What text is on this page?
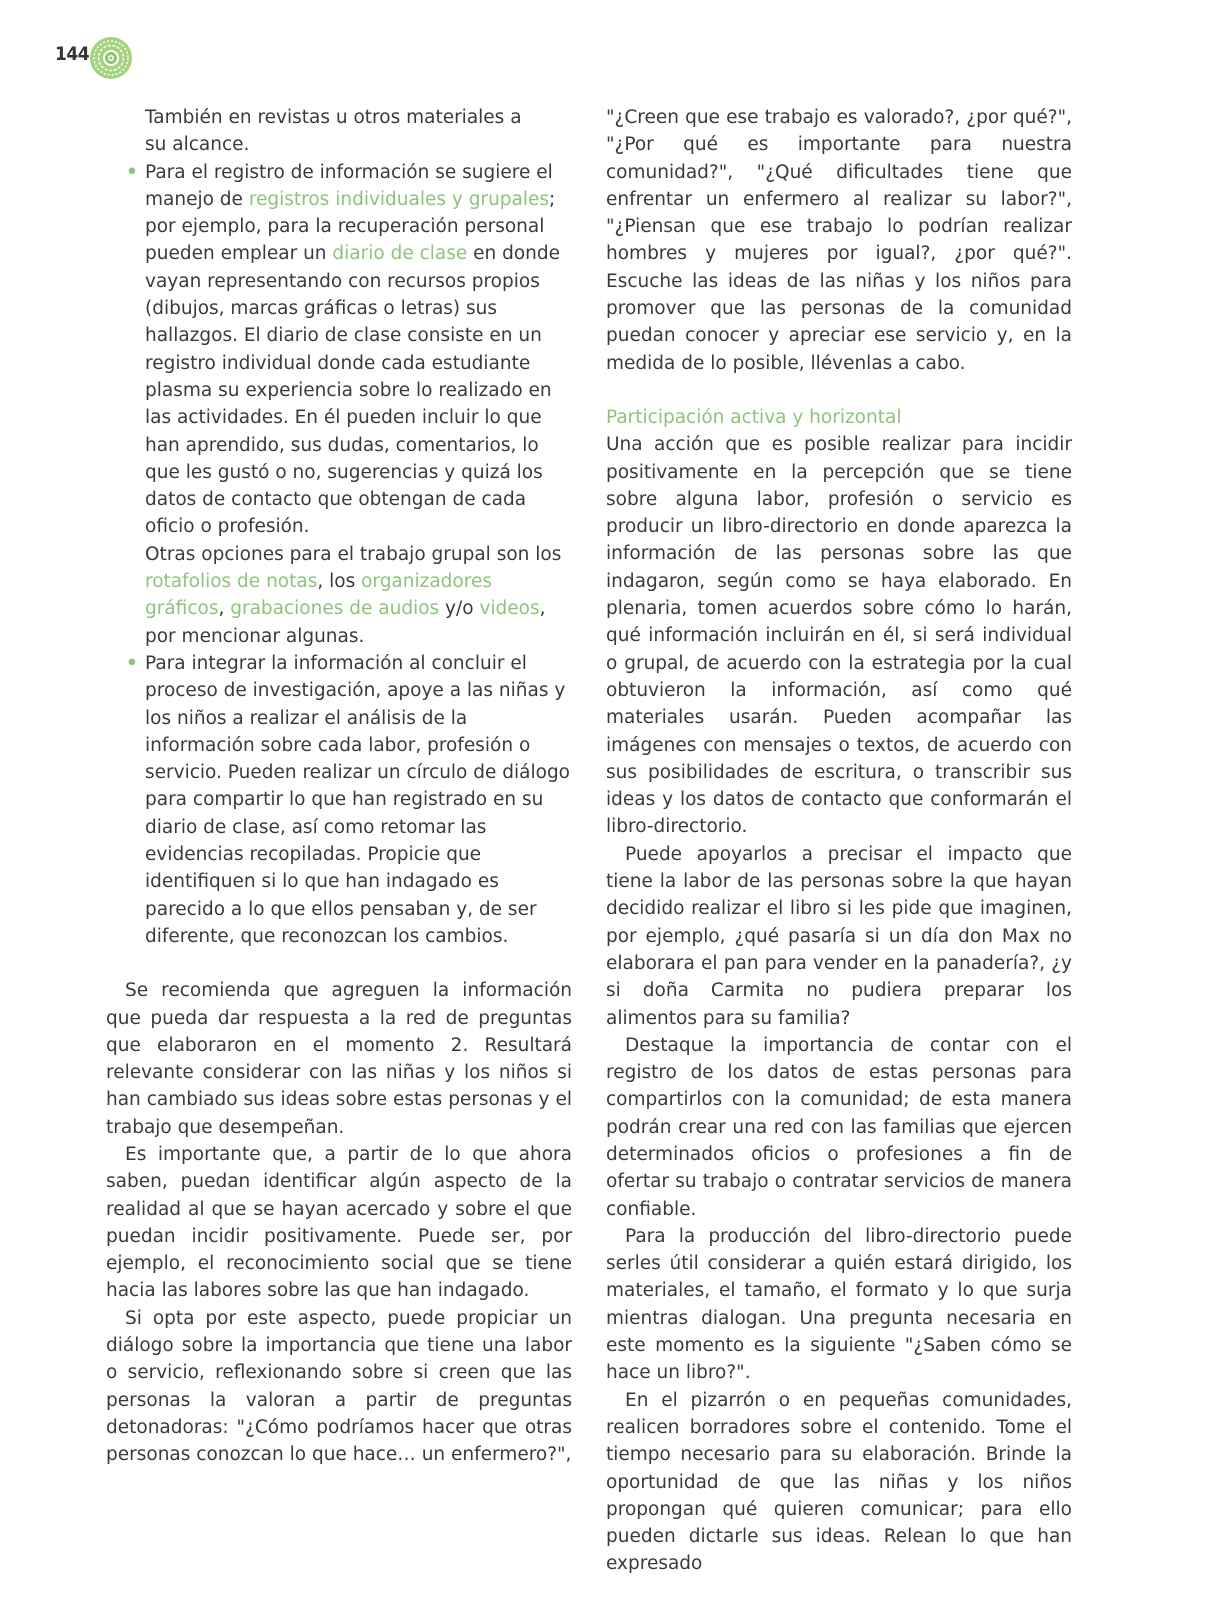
144

También en revistas u otros materiales a
su alcance.

• Para el registro de información se sugiere el manejo de registros individuales y grupales; por ejemplo, para la recuperación personal pueden emplear un diario de clase en donde vayan representando con recursos propios (dibujos, marcas gráficas o letras) sus hallazgos. El diario de clase consiste en un registro individual donde cada estudiante plasma su experiencia sobre lo realizado en las actividades. En él pueden incluir lo que han aprendido, sus dudas, comentarios, lo que les gustó o no, sugerencias y quizá los datos de contacto que obtengan de cada oficio o profesión.

Otras opciones para el trabajo grupal son los rotafolios de notas, los organizadores gráficos, grabaciones de audios y/o videos, por mencionar algunas.

• Para integrar la información al concluir el proceso de investigación, apoye a las niñas y los niños a realizar el análisis de la información sobre cada labor, profesión o servicio. Pueden realizar un círculo de diálogo para compartir lo que han registrado en su diario de clase, así como retomar las evidencias recopiladas. Propicie que identifiquen si lo que han indagado es parecido a lo que ellos pensaban y, de ser diferente, que reconozcan los cambios.

Se recomienda que agreguen la información que pueda dar respuesta a la red de preguntas que elaboraron en el momento 2. Resultará relevante considerar con las niñas y los niños si han cambiado sus ideas sobre estas personas y el trabajo que desempeñan.

Es importante que, a partir de lo que ahora saben, puedan identificar algún aspecto de la realidad al que se hayan acercado y sobre el que puedan incidir positivamente. Puede ser, por ejemplo, el reconocimiento social que se tiene hacia las labores sobre las que han indagado.

Si opta por este aspecto, puede propiciar un diálogo sobre la importancia que tiene una labor o servicio, reflexionando sobre si creen que las personas la valoran a partir de preguntas detonadoras: "¿Cómo podríamos hacer que otras personas conozcan lo que hace… un enfermero?",

"¿Creen que ese trabajo es valorado?, ¿por qué?", "¿Por qué es importante para nuestra comunidad?", "¿Qué dificultades tiene que enfrentar un enfermero al realizar su labor?", "¿Piensan que ese trabajo lo podrían realizar hombres y mujeres por igual?, ¿por qué?". Escuche las ideas de las niñas y los niños para promover que las personas de la comunidad puedan conocer y apreciar ese servicio y, en la medida de lo posible, llévenlas a cabo.

Participación activa y horizontal

Una acción que es posible realizar para incidir positivamente en la percepción que se tiene sobre alguna labor, profesión o servicio es producir un libro-directorio en donde aparezca la información de las personas sobre las que indagaron, según como se haya elaborado. En plenaria, tomen acuerdos sobre cómo lo harán, qué información incluirán en él, si será individual o grupal, de acuerdo con la estrategia por la cual obtuvieron la información, así como qué materiales usarán. Pueden acompañar las imágenes con mensajes o textos, de acuerdo con sus posibilidades de escritura, o transcribir sus ideas y los datos de contacto que conformarán el libro-directorio.

Puede apoyarlos a precisar el impacto que tiene la labor de las personas sobre la que hayan decidido realizar el libro si les pide que imaginen, por ejemplo, ¿qué pasaría si un día don Max no elaborara el pan para vender en la panadería?, ¿y si doña Carmita no pudiera preparar los alimentos para su familia?

Destaque la importancia de contar con el registro de los datos de estas personas para compartirlos con la comunidad; de esta manera podrán crear una red con las familias que ejercen determinados oficios o profesiones a fin de ofertar su trabajo o contratar servicios de manera confiable.

Para la producción del libro-directorio puede serles útil considerar a quién estará dirigido, los materiales, el tamaño, el formato y lo que surja mientras dialogan. Una pregunta necesaria en este momento es la siguiente "¿Saben cómo se hace un libro?".

En el pizarrón o en pequeñas comunidades, realicen borradores sobre el contenido. Tome el tiempo necesario para su elaboración. Brinde la oportunidad de que las niñas y los niños propongan qué quieren comunicar; para ello pueden dictarle sus ideas. Relean lo que han expresado
